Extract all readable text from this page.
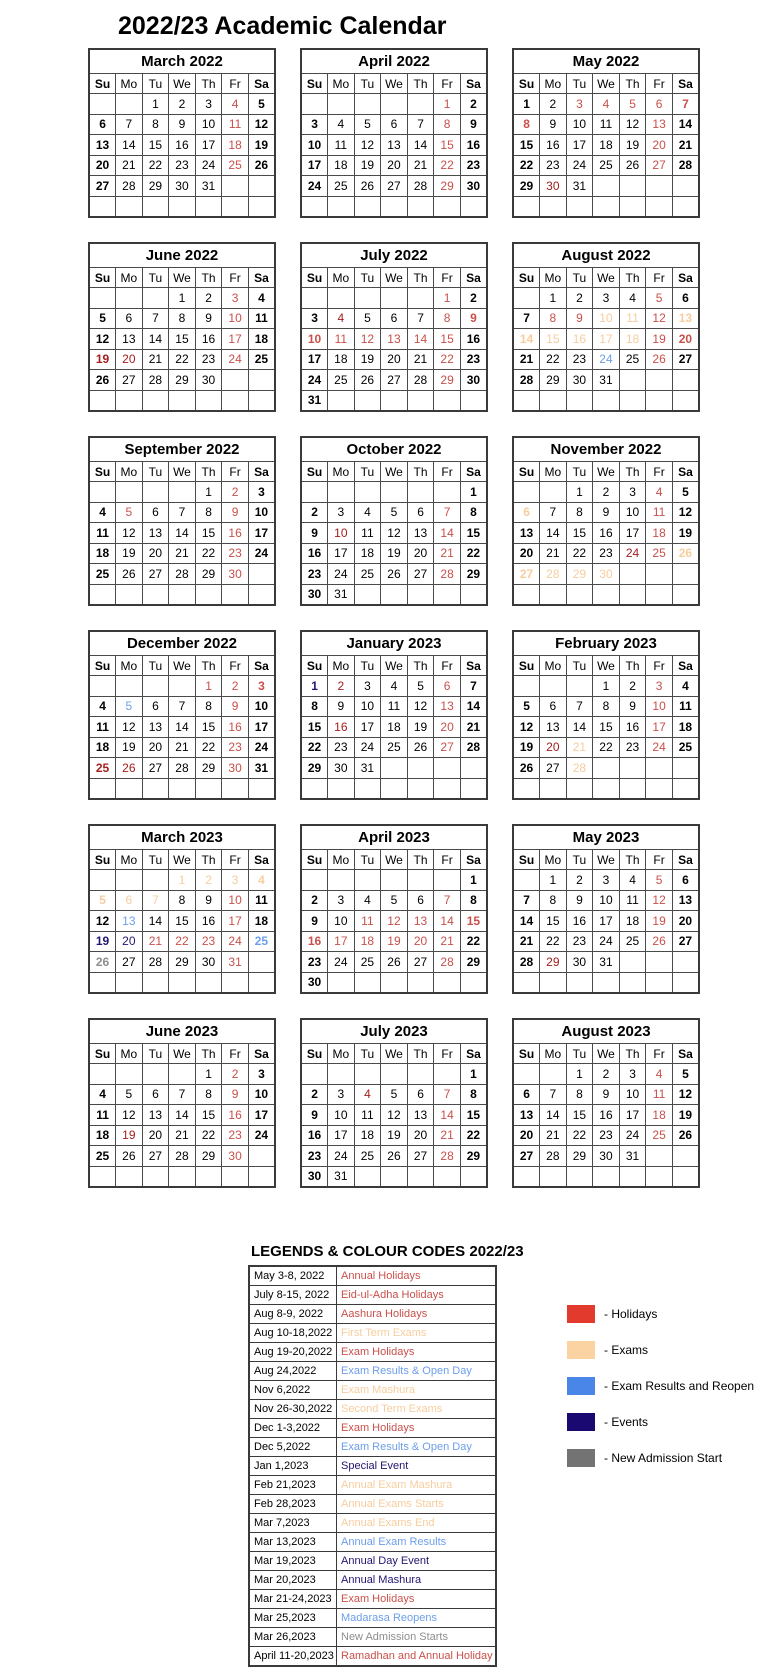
2022/23 Academic Calendar
March 2022						
Su	Mo	Tu	We	Th	Fr	Sa
		1	2	3	4	5
6	7	8	9	10	11	12
13	14	15	16	17	18	19
20	21	22	23	24	25	26
27	28	29	30	31		

April 2022						
Su	Mo	Tu	We	Th	Fr	Sa
					1	2
3	4	5	6	7	8	9
10	11	12	13	14	15	16
17	18	19	20	21	22	23
24	25	26	27	28	29	30

May 2022						
Su	Mo	Tu	We	Th	Fr	Sa
1	2	3	4	5	6	7
8	9	10	11	12	13	14
15	16	17	18	19	20	21
22	23	24	25	26	27	28
29	30	31				

June 2022						
Su	Mo	Tu	We	Th	Fr	Sa
			1	2	3	4
5	6	7	8	9	10	11
12	13	14	15	16	17	18
19	20	21	22	23	24	25
26	27	28	29	30		

July 2022						
Su	Mo	Tu	We	Th	Fr	Sa
					1	2
3	4	5	6	7	8	9
10	11	12	13	14	15	16
17	18	19	20	21	22	23
24	25	26	27	28	29	30
31						
August 2022						
Su	Mo	Tu	We	Th	Fr	Sa
	1	2	3	4	5	6
7	8	9	10	11	12	13
14	15	16	17	18	19	20
21	22	23	24	25	26	27
28	29	30	31			

September 2022						
Su	Mo	Tu	We	Th	Fr	Sa
				1	2	3
4	5	6	7	8	9	10
11	12	13	14	15	16	17
18	19	20	21	22	23	24
25	26	27	28	29	30	

October 2022						
Su	Mo	Tu	We	Th	Fr	Sa
						1
2	3	4	5	6	7	8
9	10	11	12	13	14	15
16	17	18	19	20	21	22
23	24	25	26	27	28	29
30	31					
November 2022						
Su	Mo	Tu	We	Th	Fr	Sa
		1	2	3	4	5
6	7	8	9	10	11	12
13	14	15	16	17	18	19
20	21	22	23	24	25	26
27	28	29	30			

December 2022						
Su	Mo	Tu	We	Th	Fr	Sa
				1	2	3
4	5	6	7	8	9	10
11	12	13	14	15	16	17
18	19	20	21	22	23	24
25	26	27	28	29	30	31

January 2023						
Su	Mo	Tu	We	Th	Fr	Sa
1	2	3	4	5	6	7
8	9	10	11	12	13	14
15	16	17	18	19	20	21
22	23	24	25	26	27	28
29	30	31				

February 2023						
Su	Mo	Tu	We	Th	Fr	Sa
			1	2	3	4
5	6	7	8	9	10	11
12	13	14	15	16	17	18
19	20	21	22	23	24	25
26	27	28				

March 2023						
Su	Mo	Tu	We	Th	Fr	Sa
			1	2	3	4
5	6	7	8	9	10	11
12	13	14	15	16	17	18
19	20	21	22	23	24	25
26	27	28	29	30	31	

April 2023						
Su	Mo	Tu	We	Th	Fr	Sa
						1
2	3	4	5	6	7	8
9	10	11	12	13	14	15
16	17	18	19	20	21	22
23	24	25	26	27	28	29
30						
May 2023						
Su	Mo	Tu	We	Th	Fr	Sa
	1	2	3	4	5	6
7	8	9	10	11	12	13
14	15	16	17	18	19	20
21	22	23	24	25	26	27
28	29	30	31			

June 2023						
Su	Mo	Tu	We	Th	Fr	Sa
				1	2	3
4	5	6	7	8	9	10
11	12	13	14	15	16	17
18	19	20	21	22	23	24
25	26	27	28	29	30	

July 2023						
Su	Mo	Tu	We	Th	Fr	Sa
						1
2	3	4	5	6	7	8
9	10	11	12	13	14	15
16	17	18	19	20	21	22
23	24	25	26	27	28	29
30	31					
August 2023						
Su	Mo	Tu	We	Th	Fr	Sa
		1	2	3	4	5
6	7	8	9	10	11	12
13	14	15	16	17	18	19
20	21	22	23	24	25	26
27	28	29	30	31		

LEGENDS & COLOUR CODES 2022/23
May 3-8, 2022	Annual Holidays
July 8-15, 2022	Eid-ul-Adha Holidays
Aug 8-9, 2022	Aashura Holidays
Aug 10-18,2022	First Term Exams
Aug 19-20,2022	Exam Holidays
Aug 24,2022	Exam Results & Open Day
Nov 6,2022	Exam Mashura
Nov 26-30,2022	Second Term Exams
Dec 1-3,2022	Exam Holidays
Dec 5,2022	Exam Results & Open Day
Jan 1,2023	Special Event
Feb 21,2023	Annual Exam Mashura
Feb 28,2023	Annual Exams Starts
Mar 7,2023	Annual Exams End
Mar 13,2023	Annual Exam Results
Mar 19,2023	Annual Day Event
Mar 20,2023	Annual Mashura
Mar 21-24,2023	Exam Holidays
Mar 25,2023	Madarasa Reopens
Mar 26,2023	New Admission Starts
April 11-20,2023	Ramadhan and Annual Holiday
- Holidays
- Exams
- Exam Results and Reopen
- Events
- New Admission Start
